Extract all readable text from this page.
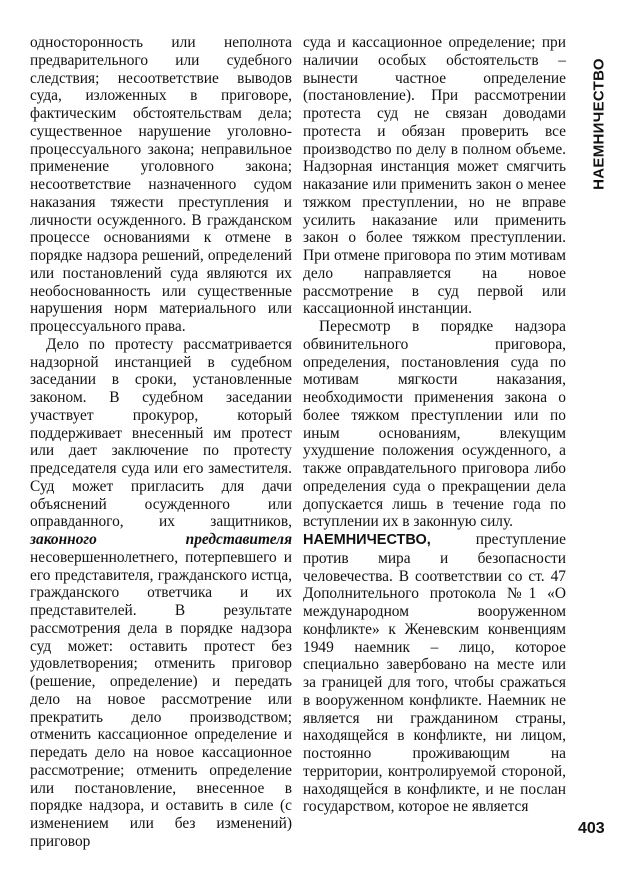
односторонность или неполнота предварительного или судебного следствия; несоответствие выводов суда, изложенных в приговоре, фактическим обстоятельствам дела; существенное нарушение уголовно-процессуального закона; неправильное применение уголовного закона; несоответствие назначенного судом наказания тяжести преступления и личности осужденного. В гражданском процессе основаниями к отмене в порядке надзора решений, определений или постановлений суда являются их необоснованность или существенные нарушения норм материального или процессуального права.

Дело по протесту рассматривается надзорной инстанцией в судебном заседании в сроки, установленные законом. В судебном заседании участвует прокурор, который поддерживает внесенный им протест или дает заключение по протесту председателя суда или его заместителя. Суд может пригласить для дачи объяснений осужденного или оправданного, их защитников, законного представителя несовершеннолетнего, потерпевшего и его представителя, гражданского истца, гражданского ответчика и их представителей. В результате рассмотрения дела в порядке надзора суд может: оставить протест без удовлетворения; отменить приговор (решение, определение) и передать дело на новое рассмотрение или прекратить дело производством; отменить кассационное определение и передать дело на новое кассационное рассмотрение; отменить определение или постановление, внесенное в порядке надзора, и оставить в силе (с изменением или без изменений) приговор

суда и кассационное определение; при наличии особых обстоятельств – вынести частное определение (постановление). При рассмотрении протеста суд не связан доводами протеста и обязан проверить все производство по делу в полном объеме. Надзорная инстанция может смягчить наказание или применить закон о менее тяжком преступлении, но не вправе усилить наказание или применить закон о более тяжком преступлении. При отмене приговора по этим мотивам дело направляется на новое рассмотрение в суд первой или кассационной инстанции.

Пересмотр в порядке надзора обвинительного приговора, определения, постановления суда по мотивам мягкости наказания, необходимости применения закона о более тяжком преступлении или по иным основаниям, влекущим ухудшение положения осужденного, а также оправдательного приговора либо определения суда о прекращении дела допускается лишь в течение года по вступлении их в законную силу.

НАЕМНИЧЕСТВО,	преступление против мира и безопасности человечества. В соответствии со ст. 47 Дополнительного протокола №1 «О международном вооруженном конфликте» к Женевским конвенциям 1949 наемник – лицо, которое специально завербовано на месте или за границей для того, чтобы сражаться в вооруженном конфликте. Наемник не является ни гражданином страны, находящейся в конфликте, ни лицом, постоянно проживающим на территории, контролируемой стороной, находящейся в конфликте, и не послан государством, которое не является

НАЕМНИЧЕСТВО
403
